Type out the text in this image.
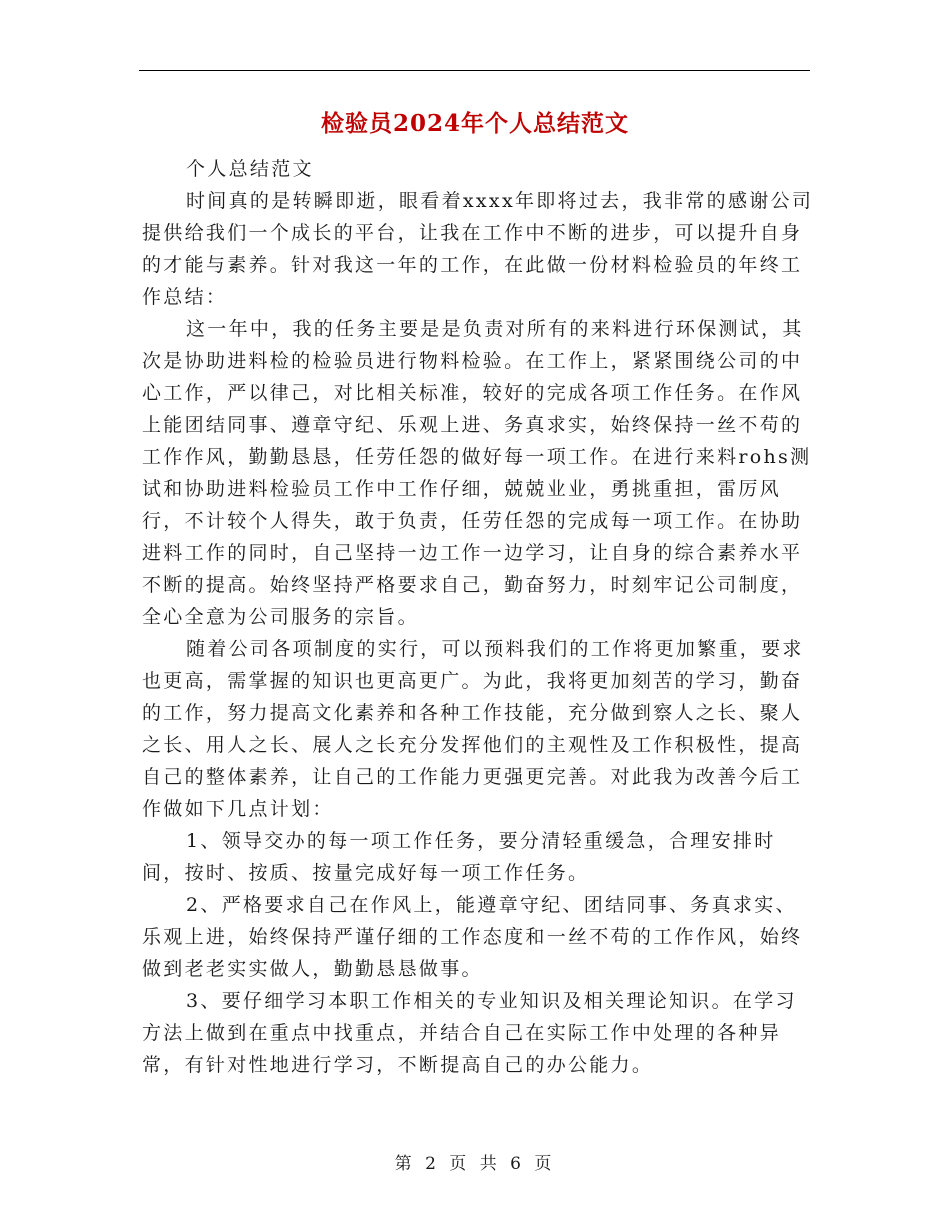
检验员2024年个人总结范文

个人总结范文

时间真的是转瞬即逝，眼看着xxxx年即将过去，我非常的感谢公司提供给我们一个成长的平台，让我在工作中不断的进步，可以提升自身的才能与素养。针对我这一年的工作，在此做一份材料检验员的年终工作总结：

这一年中，我的任务主要是是负责对所有的来料进行环保测试，其次是协助进料检的检验员进行物料检验。在工作上，紧紧围绕公司的中心工作，严以律己，对比相关标准，较好的完成各项工作任务。在作风上能团结同事、遵章守纪、乐观上进、务真求实，始终保持一丝不苟的工作作风，勤勤恳恳，任劳任怨的做好每一项工作。在进行来料rohs测试和协助进料检验员工作中工作仔细，兢兢业业，勇挑重担，雷厉风行，不计较个人得失，敢于负责，任劳任怨的完成每一项工作。在协助进料工作的同时，自己坚持一边工作一边学习，让自身的综合素养水平不断的提高。始终坚持严格要求自己，勤奋努力，时刻牢记公司制度，全心全意为公司服务的宗旨。

随着公司各项制度的实行，可以预料我们的工作将更加繁重，要求也更高，需掌握的知识也更高更广。为此，我将更加刻苦的学习，勤奋的工作，努力提高文化素养和各种工作技能，充分做到察人之长、聚人之长、用人之长、展人之长充分发挥他们的主观性及工作积极性，提高自己的整体素养，让自己的工作能力更强更完善。对此我为改善今后工作做如下几点计划：

1、领导交办的每一项工作任务，要分清轻重缓急，合理安排时间，按时、按质、按量完成好每一项工作任务。

2、严格要求自己在作风上，能遵章守纪、团结同事、务真求实、乐观上进，始终保持严谨仔细的工作态度和一丝不苟的工作作风，始终做到老老实实做人，勤勤恳恳做事。

3、要仔细学习本职工作相关的专业知识及相关理论知识。在学习方法上做到在重点中找重点，并结合自己在实际工作中处理的各种异常，有针对性地进行学习，不断提高自己的办公能力。

第 2 页 共 6 页
